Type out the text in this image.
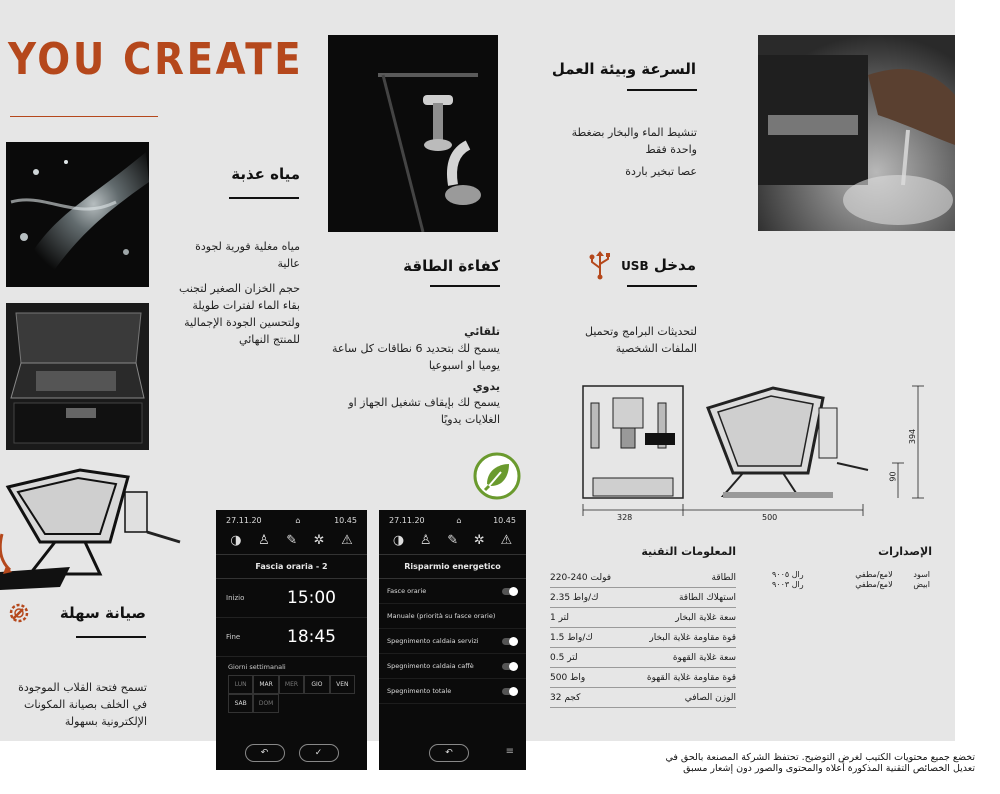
YOU CREATE
مياه عذبة
مياه مغلية فورية لجودة عالية
حجم الخزان الصغير لتجنب بقاء الماء لفترات طويلة ولتحسين الجودة الإجمالية للمنتج النهائي
كفاءة الطاقة
تلقائي
يسمح لك بتحديد 6 نطاقات كل ساعة يوميا او اسبوعيا
يدوي
يسمح لك بإيقاف تشغيل الجهاز او الغلايات يدويًا
السرعة وبيئة العمل
تنشيط الماء والبخار بضغطة واحدة فقط
عصا تبخير باردة
مدخل USB
لتحديثات البرامج وتحميل الملفات الشخصية
328	500
394
90
صيانة سهلة
تسمح فتحة القلاب الموجودة في الخلف بصيانة المكونات الإلكترونية بسهولة
27.11.20	⌂	10.45
◑ ♙ ✎ ✲ ⚠
Fascia oraria - 2
Inizio	15:00
Fine	18:45
Giorni settimanali
LUN	MAR	MER	GIO	VEN
SAB	DOM
↶	✓
27.11.20	⌂	10.45
◑ ♙ ✎ ✲ ⚠
Risparmio energetico
Fasce orarie
Manuale (priorità su fasce orarie)
Spegnimento caldaia servizi
Spegnimento caldaia caffè
Spegnimento totale
↶	≡
المعلومات التقنية
فولت 240-220	الطاقة
ك/واط 2.35	استهلاك الطاقة
لتر 1	سعة غلاية البخار
ك/واط 1.5	قوة مقاومة غلاية البخار
لتر 0.5	سعة غلاية القهوة
واط 500	قوة مقاومة غلاية القهوة
كجم 32	الوزن الصافي
الإصدارات
رال ٩٠٠٥	لامع/مطفي	اسود
رال ٩٠٠٣	لامع/مطفي	ابيض
تخضع جميع محتويات الكتيب لغرض التوضيح. تحتفظ الشركة المصنعة بالحق في
تعديل الخصائص التقنية المذكورة أعلاه والمحتوى والصور دون إشعار مسبق
